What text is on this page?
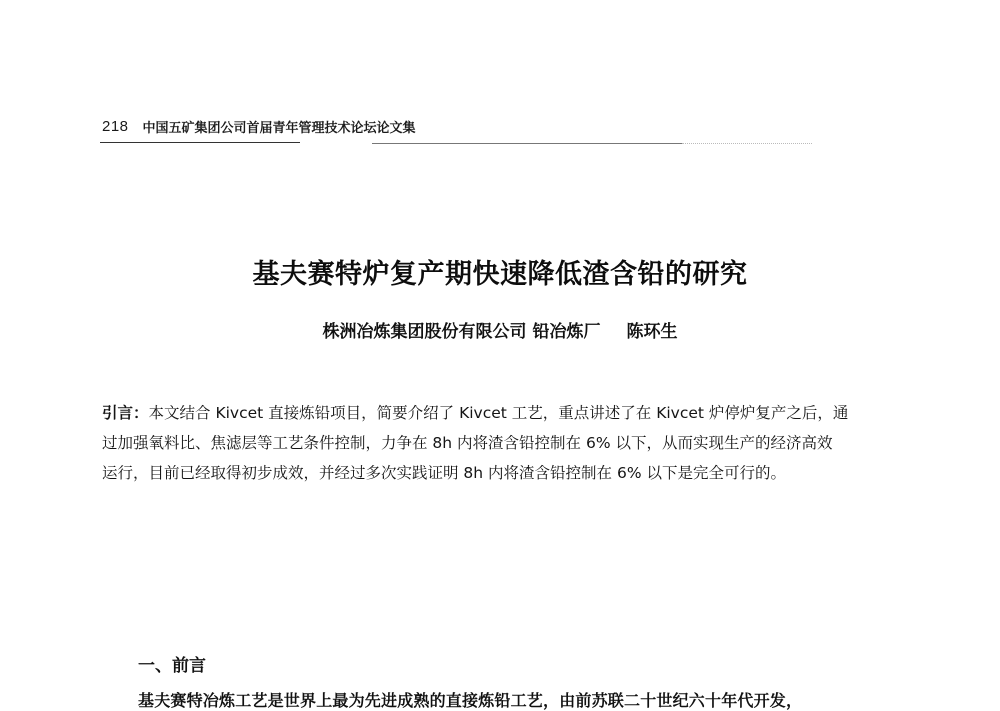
218 中国五矿集团公司首届青年管理技术论坛论文集
基夫赛特炉复产期快速降低渣含铅的研究
株洲冶炼集团股份有限公司 铅冶炼厂 陈环生
引言：本文结合 Kivcet 直接炼铅项目，简要介绍了 Kivcet 工艺，重点讲述了在 Kivcet 炉停炉复产之后，通
过加强氧料比、焦滤层等工艺条件控制，力争在 8h 内将渣含铅控制在 6% 以下，从而实现生产的经济高效
运行，目前已经取得初步成效，并经过多次实践证明 8h 内将渣含铅控制在 6% 以下是完全可行的。
一、前言
基夫赛特冶炼工艺是世界上最为先进成熟的直接炼铅工艺，由前苏联二十世纪六十年代开发，
